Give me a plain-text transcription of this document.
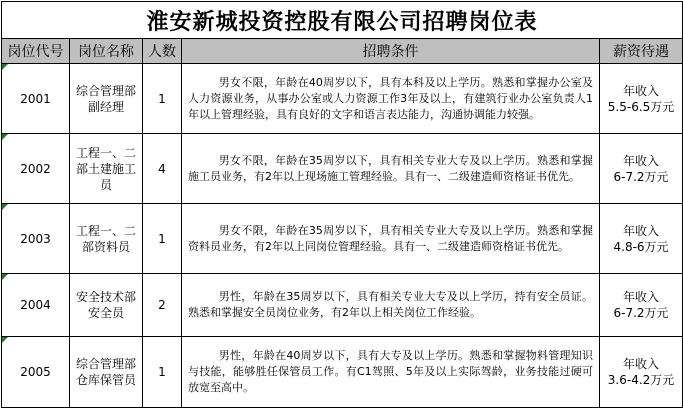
淮安新城投资控股有限公司招聘岗位表				
岗位代号	岗位名称	人数	招聘条件	薪资待遇

2001	综合管理部副经理	1	男女不限，年龄在40周岁以下，具有本科及以上学历。熟悉和掌握办公室及人力资源业务，从事办公室或人力资源工作3年及以上，有建筑行业办公室负责人1年以上管理经验，具有良好的文字和语言表达能力，沟通协调能力较强。	年收入
5.5-6.5万元

2002	工程一、二部土建施工员	4	男女不限，年龄在35周岁以下，具有相关专业大专及以上学历。熟悉和掌握施工员业务，有2年以上现场施工管理经验。具有一、二级建造师资格证书优先。	年收入
6-7.2万元

2003	工程一、二部资料员	1	男女不限，年龄在35周岁以下，具有相关专业大专及以上学历。熟悉和掌握资料员业务，有2年以上同岗位管理经验。具有一、二级建造师资格证书优先。	年收入
4.8-6万元

2004	安全技术部安全员	2	男性，年龄在35周岁以下，具有相关专业大专及以上学历，持有安全员证。熟悉和掌握安全员岗位业务，有2年以上相关岗位工作经验。	年收入
6-7.2万元

2005	综合管理部仓库保管员	1	男性，年龄在40周岁以下，具有大专及以上学历。熟悉和掌握物料管理知识与技能，能够胜任保管员工作。有C1驾照、5年及以上实际驾龄，业务技能过硬可放宽至高中。	年收入
3.6-4.2万元
